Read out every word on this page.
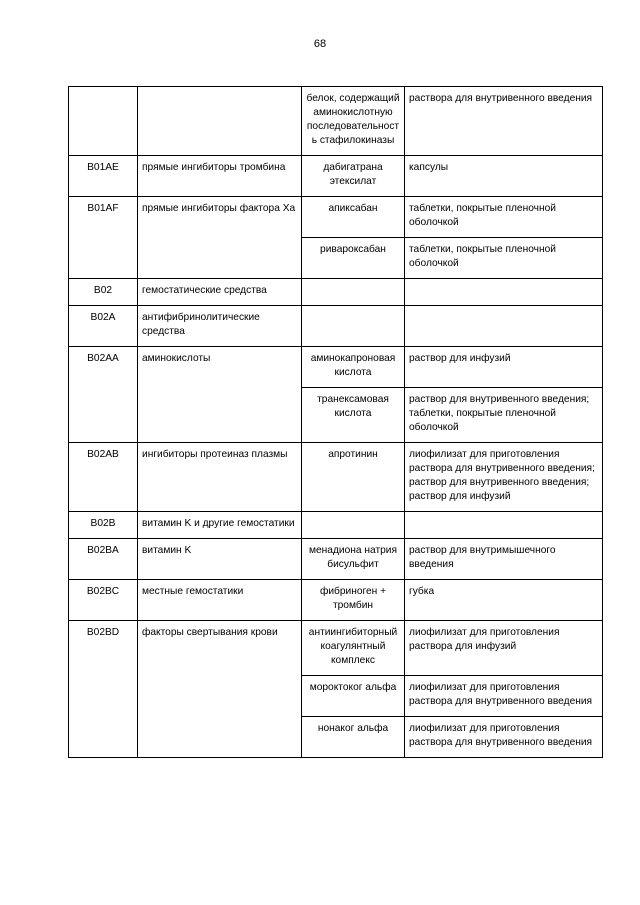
68
		белок, содержащий аминокислотную последовательност ь стафилокиназы	раствора для внутривенного введения

B01AE	прямые ингибиторы тромбина	дабигатрана этексилат	капсулы

B01AF	прямые ингибиторы фактора Xa	апиксабан	таблетки, покрытые пленочной оболочкой

		ривароксабан	таблетки, покрытые пленочной оболочкой

B02	гемостатические средства		
B02A	антифибринолитические средства		
B02AA	аминокислоты	аминокапроновая кислота	раствор для инфузий

		транексамовая кислота	раствор для внутривенного введения; таблетки, покрытые пленочной оболочкой

B02AB	ингибиторы протеиназ плазмы	апротинин	лиофилизат для приготовления раствора для внутривенного введения;
раствор для внутривенного введения;
раствор для инфузий

B02B	витамин K и другие гемостатики		
B02BA	витамин K	менадиона натрия бисульфит	раствор для внутримышечного введения

B02BC	местные гемостатики	фибриноген + тромбин	губка

B02BD	факторы свертывания крови	антиингибиторный коагулянтный комплекс	лиофилизат для приготовления раствора для инфузий

		мороктоког альфа	лиофилизат для приготовления раствора для внутривенного введения

		нонаког альфа	лиофилизат для приготовления раствора для внутривенного введения
